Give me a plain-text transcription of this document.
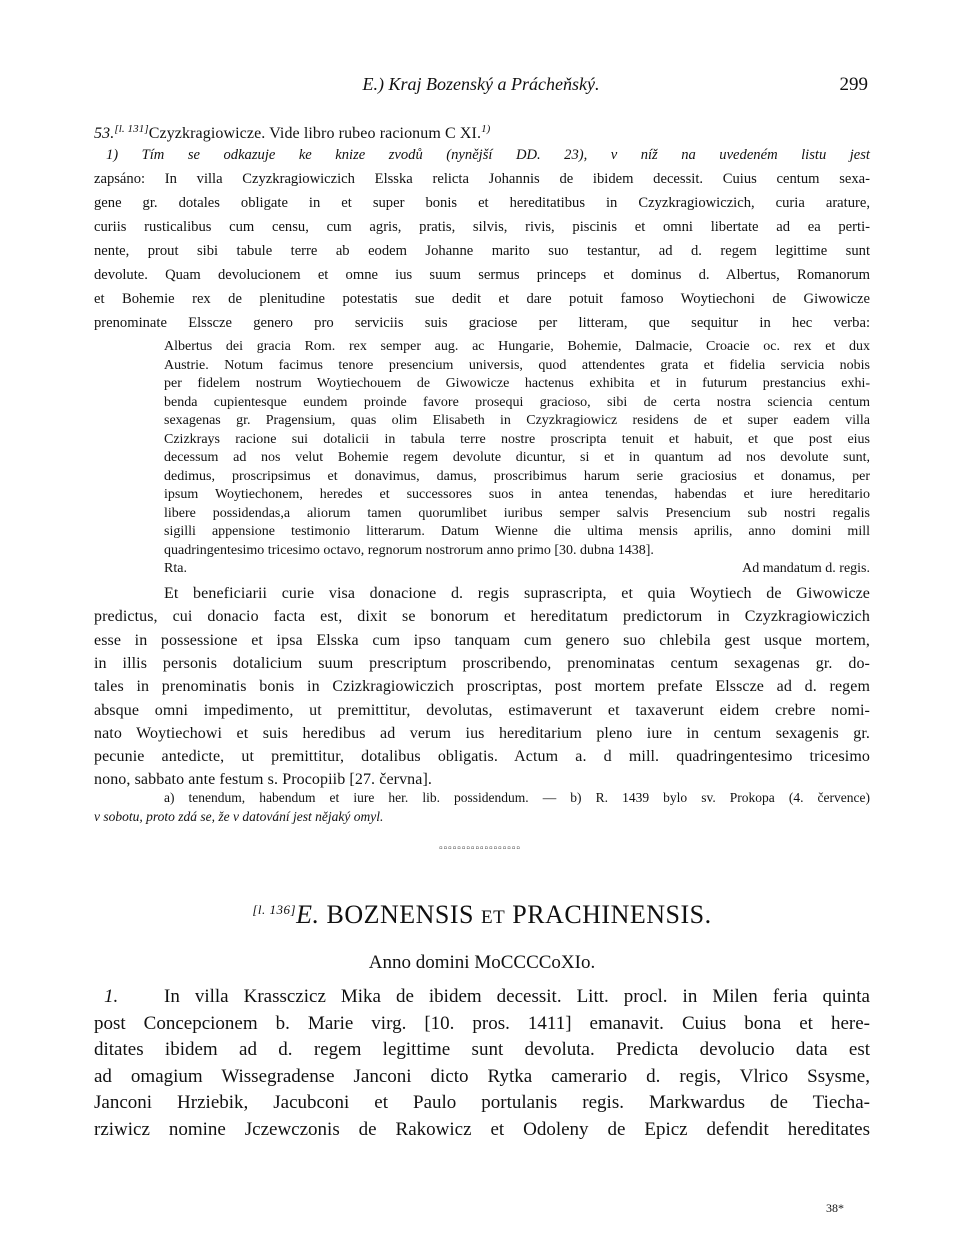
E.) Kraj Bozenský a Prácheňský.	299
53.[l. 131]Czyzkragiowicze. Vide libro rubeo racionum C XI.$^{1)}$
1) Tím se odkazuje ke knize zvodů (nynější DD. 23), v níž na uvedeném listu jest
zapsáno: In villa Czyzkragiowiczich Elsska relicta Johannis de ibidem decessit. Cuius centum sexa-
gene gr. dotales obligate in et super bonis et hereditatibus in Czyzkragiowiczich, curia arature,
curiis rusticalibus cum censu, cum agris, pratis, silvis, rivis, piscinis et omni libertate ad ea perti-
nente, prout sibi tabule terre ab eodem Johanne marito suo testantur, ad d. regem legittime sunt
devolute. Quam devolucionem et omne ius suum sermus princeps et dominus d. Albertus, Romanorum
et Bohemie rex de plenitudine potestatis sue dedit et dare potuit famoso Woytiechoni de Giwowicze
prenominate Elsscze genero pro serviciis suis graciose per litteram, que sequitur in hec verba:
Albertus dei gracia Rom. rex semper aug. ac Hungarie, Bohemie, Dalmacie, Croacie oc. rex et dux
Austrie. Notum facimus tenore presencium universis, quod attendentes grata et fidelia servicia nobis
per fidelem nostrum Woytiechouem de Giwowicze hactenus exhibita et in futurum prestancius exhi-
benda cupientesque eundem proinde favore prosequi gracioso, sibi de certa nostra sciencia centum
sexagenas gr. Pragensium, quas olim Elisabeth in Czyzkragiowicz residens de et super eadem villa
Czizkrays racione sui dotalicii in tabula terre nostre proscripta tenuit et habuit, et que post eius
decessum ad nos velut Bohemie regem devolute dicuntur, si et in quantum ad nos devolute sunt,
dedimus, proscripsimus et donavimus, damus, proscribimus harum serie graciosius et donamus, per
ipsum Woytiechonem, heredes et successores suos in antea tenendas, habendas et iure hereditario
libere possidendas,a aliorum tamen quorumlibet iuribus semper salvis Presencium sub nostri regalis
sigilli appensione testimonio litterarum. Datum Wienne die ultima mensis aprilis, anno domini mill
quadringentesimo tricesimo octavo, regnorum nostrorum anno primo [30. dubna 1438].
Rta.	Ad mandatum d. regis.
Et beneficiarii curie visa donacione d. regis suprascripta, et quia Woytiech de Giwowicze
predictus, cui donacio facta est, dixit se bonorum et hereditatum predictorum in Czyzkragiowiczich
esse in possessione et ipsa Elsska cum ipso tanquam cum genero suo chlebila gest usque mortem,
in illis personis dotalicium suum prescriptum proscribendo, prenominatas centum sexagenas gr. do-
tales in prenominatis bonis in Czizkragiowiczich proscriptas, post mortem prefate Elsscze ad d. regem
absque omni impedimento, ut premittitur, devolutas, estimaverunt et taxaverunt eidem crebre nomi-
nato Woytiechowi et suis heredibus ad verum ius hereditarium pleno iure in centum sexagenis gr.
pecunie antedicte, ut premittitur, dotalibus obligatis. Actum a. d mill. quadringentesimo tricesimo
nono, sabbato ante festum s. Procopiib [27. června].
a) tenendum, habendum et iure her. lib. possidendum. — b) R. 1439 bylo sv. Prokopa (4. července)
v sobotu, proto zdá se, že v datování jest nějaký omyl.
▫▫▫▫▫▫▫▫▫▫▫▫▫▫▫▫▫▫
[l. 136]E. BOZNENSIS ET PRACHINENSIS.
Anno domini MoCCCCoXIo.
1. In villa Krassczicz Mika de ibidem decessit. Litt. procl. in Milen feria quinta
post Concepcionem b. Marie virg. [10. pros. 1411] emanavit. Cuius bona et here-
ditates ibidem ad d. regem legittime sunt devoluta. Predicta devolucio data est
ad omagium Wissegradense Janconi dicto Rytka camerario d. regis, Vlrico Ssysme,
Janconi Hrziebik, Jacubconi et Paulo portulanis regis. Markwardus de Tiecha-
rziwicz nomine Jczewczonis de Rakowicz et Odoleny de Epicz defendit hereditates
38*
